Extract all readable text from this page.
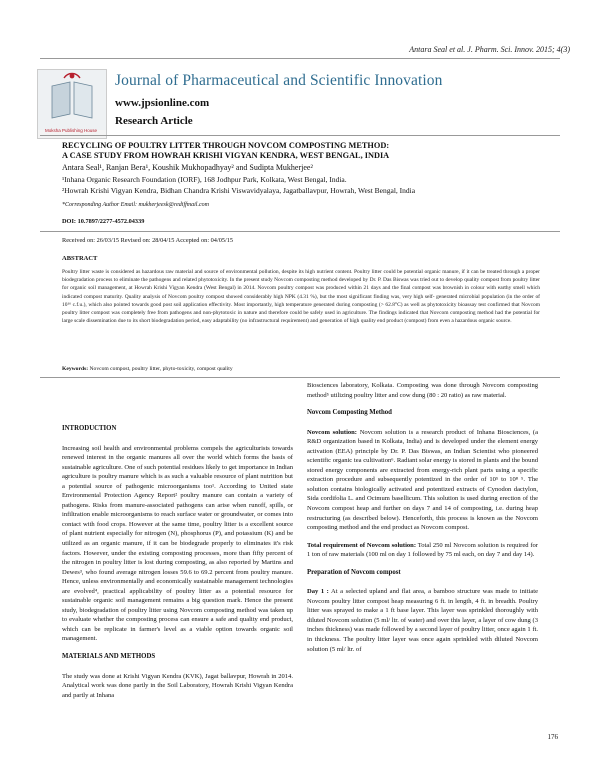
Antara Seal et al. J. Pharm. Sci. Innov. 2015; 4(3)
Moksha Publishing House
Journal of Pharmaceutical and Scientific Innovation
www.jpsionline.com
Research Article
RECYCLING OF POULTRY LITTER THROUGH NOVCOM COMPOSTING METHOD:
A CASE STUDY FROM HOWRAH KRISHI VIGYAN KENDRA, WEST BENGAL, INDIA
Antara Seal¹, Ranjan Bera¹, Koushik Mukhopadhyay² and Sudipta Mukherjee²
¹Inhana Organic Research Foundation (IORF), 168 Jodhpur Park, Kolkata, West Bengal, India.
²Howrah Krishi Vigyan Kendra, Bidhan Chandra Krishi Viswavidyalaya, Jagatballavpur, Howrah, West Bengal, India
*Corresponding Author Email: mukherjeesk@rediffmail.com
DOI: 10.7897/2277-4572.04339
Received on: 26/03/15 Revised on: 28/04/15 Accepted on: 04/05/15
ABSTRACT
Poultry litter waste is considered as hazardous raw material and source of environmental pollution, despite its high nutrient content. Poultry litter could be potential organic manure, if it can be treated through a proper biodegradation process to eliminate the pathogens and related phytotoxicity. In the present study Novcom composting method developed by Dr. P. Das Biswas was tried out to develop quality compost from poultry litter for organic soil management, at Howrah Krishi Vigyan Kendra (West Bengal) in 2014. Novcom poultry compost was produced within 21 days and the final compost was brownish in colour with earthy smell which indicated compost maturity. Quality analysis of Novcom poultry compost showed considerably high NPK (4.31 %), but the most significant finding was, very high self- generated microbial population (in the order of 10¹⁶ c.f.u.), which also pointed towards good post soil application effectivity. Most importantly, high temperature generated during composting (> 62.8°C) as well as phytotoxicity bioassay test confirmed that Novcom poultry litter compost was completely free from pathogens and non-phytotoxic in nature and therefore could be safely used in agriculture. The findings indicated that Novcom composting method had the potential for large scale dissemination due to its short biodegradation period, easy adaptability (no infrastructural requirement) and generation of high quality end product (compost) from even a hazardous organic source.
Keywords: Novcom compost, poultry litter, phyto-toxicity, compost quality
INTRODUCTION

Increasing soil health and environmental problems compels the agriculturists towards renewed interest in the organic manures all over the world which forms the basis of sustainable agriculture. One of such potential residues likely to get importance in Indian agriculture is poultry manure which is as such a valuable resource of plant nutrition but a potential source of pathogenic microorganisms too¹. According to United state Environmental Protection Agency Report² poultry manure can contain a variety of pathogens. Risks from manure-associated pathogens can arise when runoff, spills, or infiltration enable microorganisms to reach surface water or groundwater, or comes into contact with food crops. However at the same time, poultry litter is a excellent source of plant nutrient especially for nitrogen (N), phosphorus (P), and potassium (K) and be utilized as an organic manure, if it can be biodegrade properly to eliminates it's risk factors. However, under the existing composting processes, more than fifty percent of the nitrogen in poultry litter is lost during composting, as also reported by Martins and Dewes³, who found average nitrogen losses 59.6 to 69.2 percent from poultry manure. Hence, unless environmentally and economically sustainable management technologies are evolved⁴, practical applicability of poultry litter as a potential resource for sustainable organic soil management remains a big question mark. Hence the present study, biodegradation of poultry litter using Novcom composting method was taken up to evaluate whether the composting process can ensure a safe and quality end product, which can be replicate in farmer's level as a viable option towards organic soil management.

MATERIALS AND METHODS

The study was done at Krishi Vigyan Kendra (KVK), Jagat ballavpur, Howrah in 2014. Analytical work was done partly in the Soil Laboratory, Howrah Krishi Vigyan Kendra and partly at Inhana

Biosciences laboratory, Kolkata. Composting was done through Novcom composting method⁵ utilizing poultry litter and cow dung (80 : 20 ratio) as raw material.

Novcom Composting Method

Novcom solution: Novcom solution is a research product of Inhana Biosciences, (a R&D organization based in Kolkata, India) and is developed under the element energy activation (EEA) principle by Dr. P. Das Biswas, an Indian Scientist who pioneered scientific organic tea cultivation⁶. Radiant solar energy is stored in plants and the bound stored energy components are extracted from energy-rich plant parts using a specific extraction procedure and subsequently potentized in the order of 10⁵ to 10⁸ ⁵. The solution contains biologically activated and potentized extracts of Cynodon dactylon, Sida cordifolia L. and Ocimum basellicum. This solution is used during erection of the Novcom compost heap and further on days 7 and 14 of composting, i.e. during heap restructuring (as described below). Henceforth, this process is known as the Novcom composting method and the end product as Novcom compost.

Total requirement of Novcom solution: Total 250 ml Novcom solution is required for 1 ton of raw materials (100 ml on day 1 followed by 75 ml each, on day 7 and day 14).

Preparation of Novcom compost

Day 1 : At a selected upland and flat area, a bamboo structure was made to initiate Novcom poultry litter compost heap measuring 6 ft. in length, 4 ft. in breadth. Poultry litter was sprayed to make a 1 ft base layer. This layer was sprinkled thoroughly with diluted Novcom solution (5 ml/ ltr. of water) and over this layer, a layer of cow dung (3 inches thickness) was made followed by a second layer of poultry litter, once again 1 ft. in thickness. The poultry litter layer was once again sprinkled with diluted Novcom solution (5 ml/ ltr. of

176
